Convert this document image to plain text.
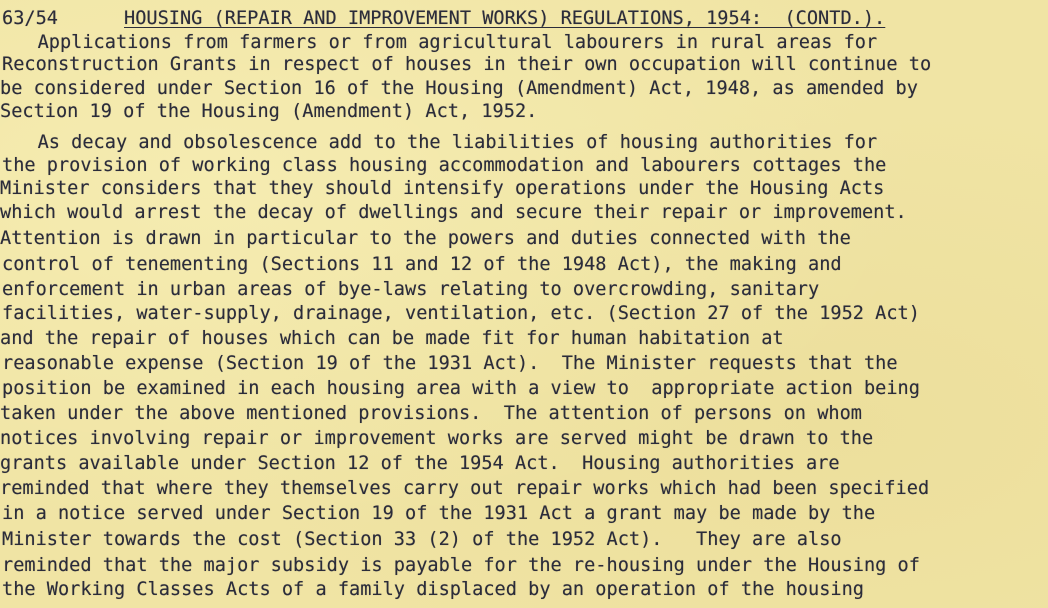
63/54	HOUSING (REPAIR AND IMPROVEMENT WORKS) REGULATIONS, 1954:  (CONTD.).
Applications from farmers or from agricultural labourers in rural areas for
Reconstruction Grants in respect of houses in their own occupation will continue to
be considered under Section 16 of the Housing (Amendment) Act, 1948, as amended by
Section 19 of the Housing (Amendment) Act, 1952.
As decay and obsolescence add to the liabilities of housing authorities for
the provision of working class housing accommodation and labourers cottages the
Minister considers that they should intensify operations under the Housing Acts
which would arrest the decay of dwellings and secure their repair or improvement.
Attention is drawn in particular to the powers and duties connected with the
control of tenementing (Sections 11 and 12 of the 1948 Act), the making and
enforcement in urban areas of bye-laws relating to overcrowding, sanitary
facilities, water-supply, drainage, ventilation, etc. (Section 27 of the 1952 Act)
and the repair of houses which can be made fit for human habitation at
reasonable expense (Section 19 of the 1931 Act).  The Minister requests that the
position be examined in each housing area with a view to  appropriate action being
taken under the above mentioned provisions.  The attention of persons on whom
notices involving repair or improvement works are served might be drawn to the
grants available under Section 12 of the 1954 Act.  Housing authorities are
reminded that where they themselves carry out repair works which had been specified
in a notice served under Section 19 of the 1931 Act a grant may be made by the
Minister towards the cost (Section 33 (2) of the 1952 Act).   They are also
reminded that the major subsidy is payable for the re-housing under the Housing of
the Working Classes Acts of a family displaced by an operation of the housing
